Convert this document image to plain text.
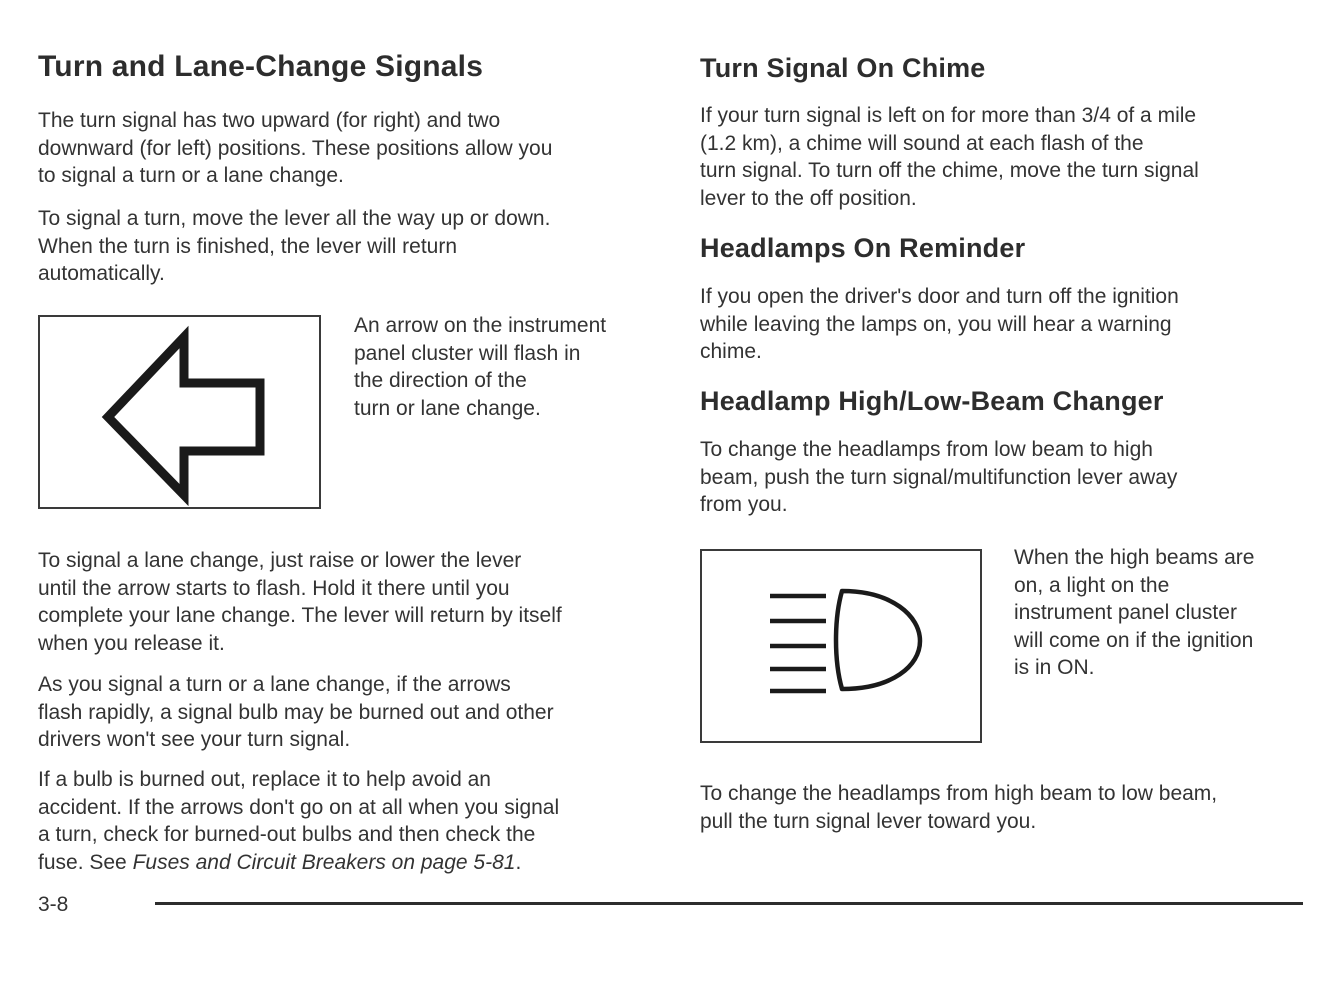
Turn and Lane-Change Signals

The turn signal has two upward (for right) and two

downward (for left) positions. These positions allow you

to signal a turn or a lane change.

To signal a turn, move the lever all the way up or down.

When the turn is finished, the lever will return

automatically.

An arrow on the instrument

panel cluster will flash in

the direction of the

turn or lane change.

To signal a lane change, just raise or lower the lever

until the arrow starts to flash. Hold it there until you

complete your lane change. The lever will return by itself

when you release it.

As you signal a turn or a lane change, if the arrows

flash rapidly, a signal bulb may be burned out and other

drivers won't see your turn signal.

If a bulb is burned out, replace it to help avoid an

accident. If the arrows don't go on at all when you signal

a turn, check for burned-out bulbs and then check the

fuse. See Fuses and Circuit Breakers on page 5-81.

3-8
Turn Signal On Chime

If your turn signal is left on for more than 3/4 of a mile

(1.2 km), a chime will sound at each flash of the

turn signal. To turn off the chime, move the turn signal

lever to the off position.

Headlamps On Reminder

If you open the driver's door and turn off the ignition

while leaving the lamps on, you will hear a warning

chime.

Headlamp High/Low-Beam Changer

To change the headlamps from low beam to high

beam, push the turn signal/multifunction lever away

from you.

When the high beams are

on, a light on the

instrument panel cluster

will come on if the ignition

is in ON.

To change the headlamps from high beam to low beam,

pull the turn signal lever toward you.
